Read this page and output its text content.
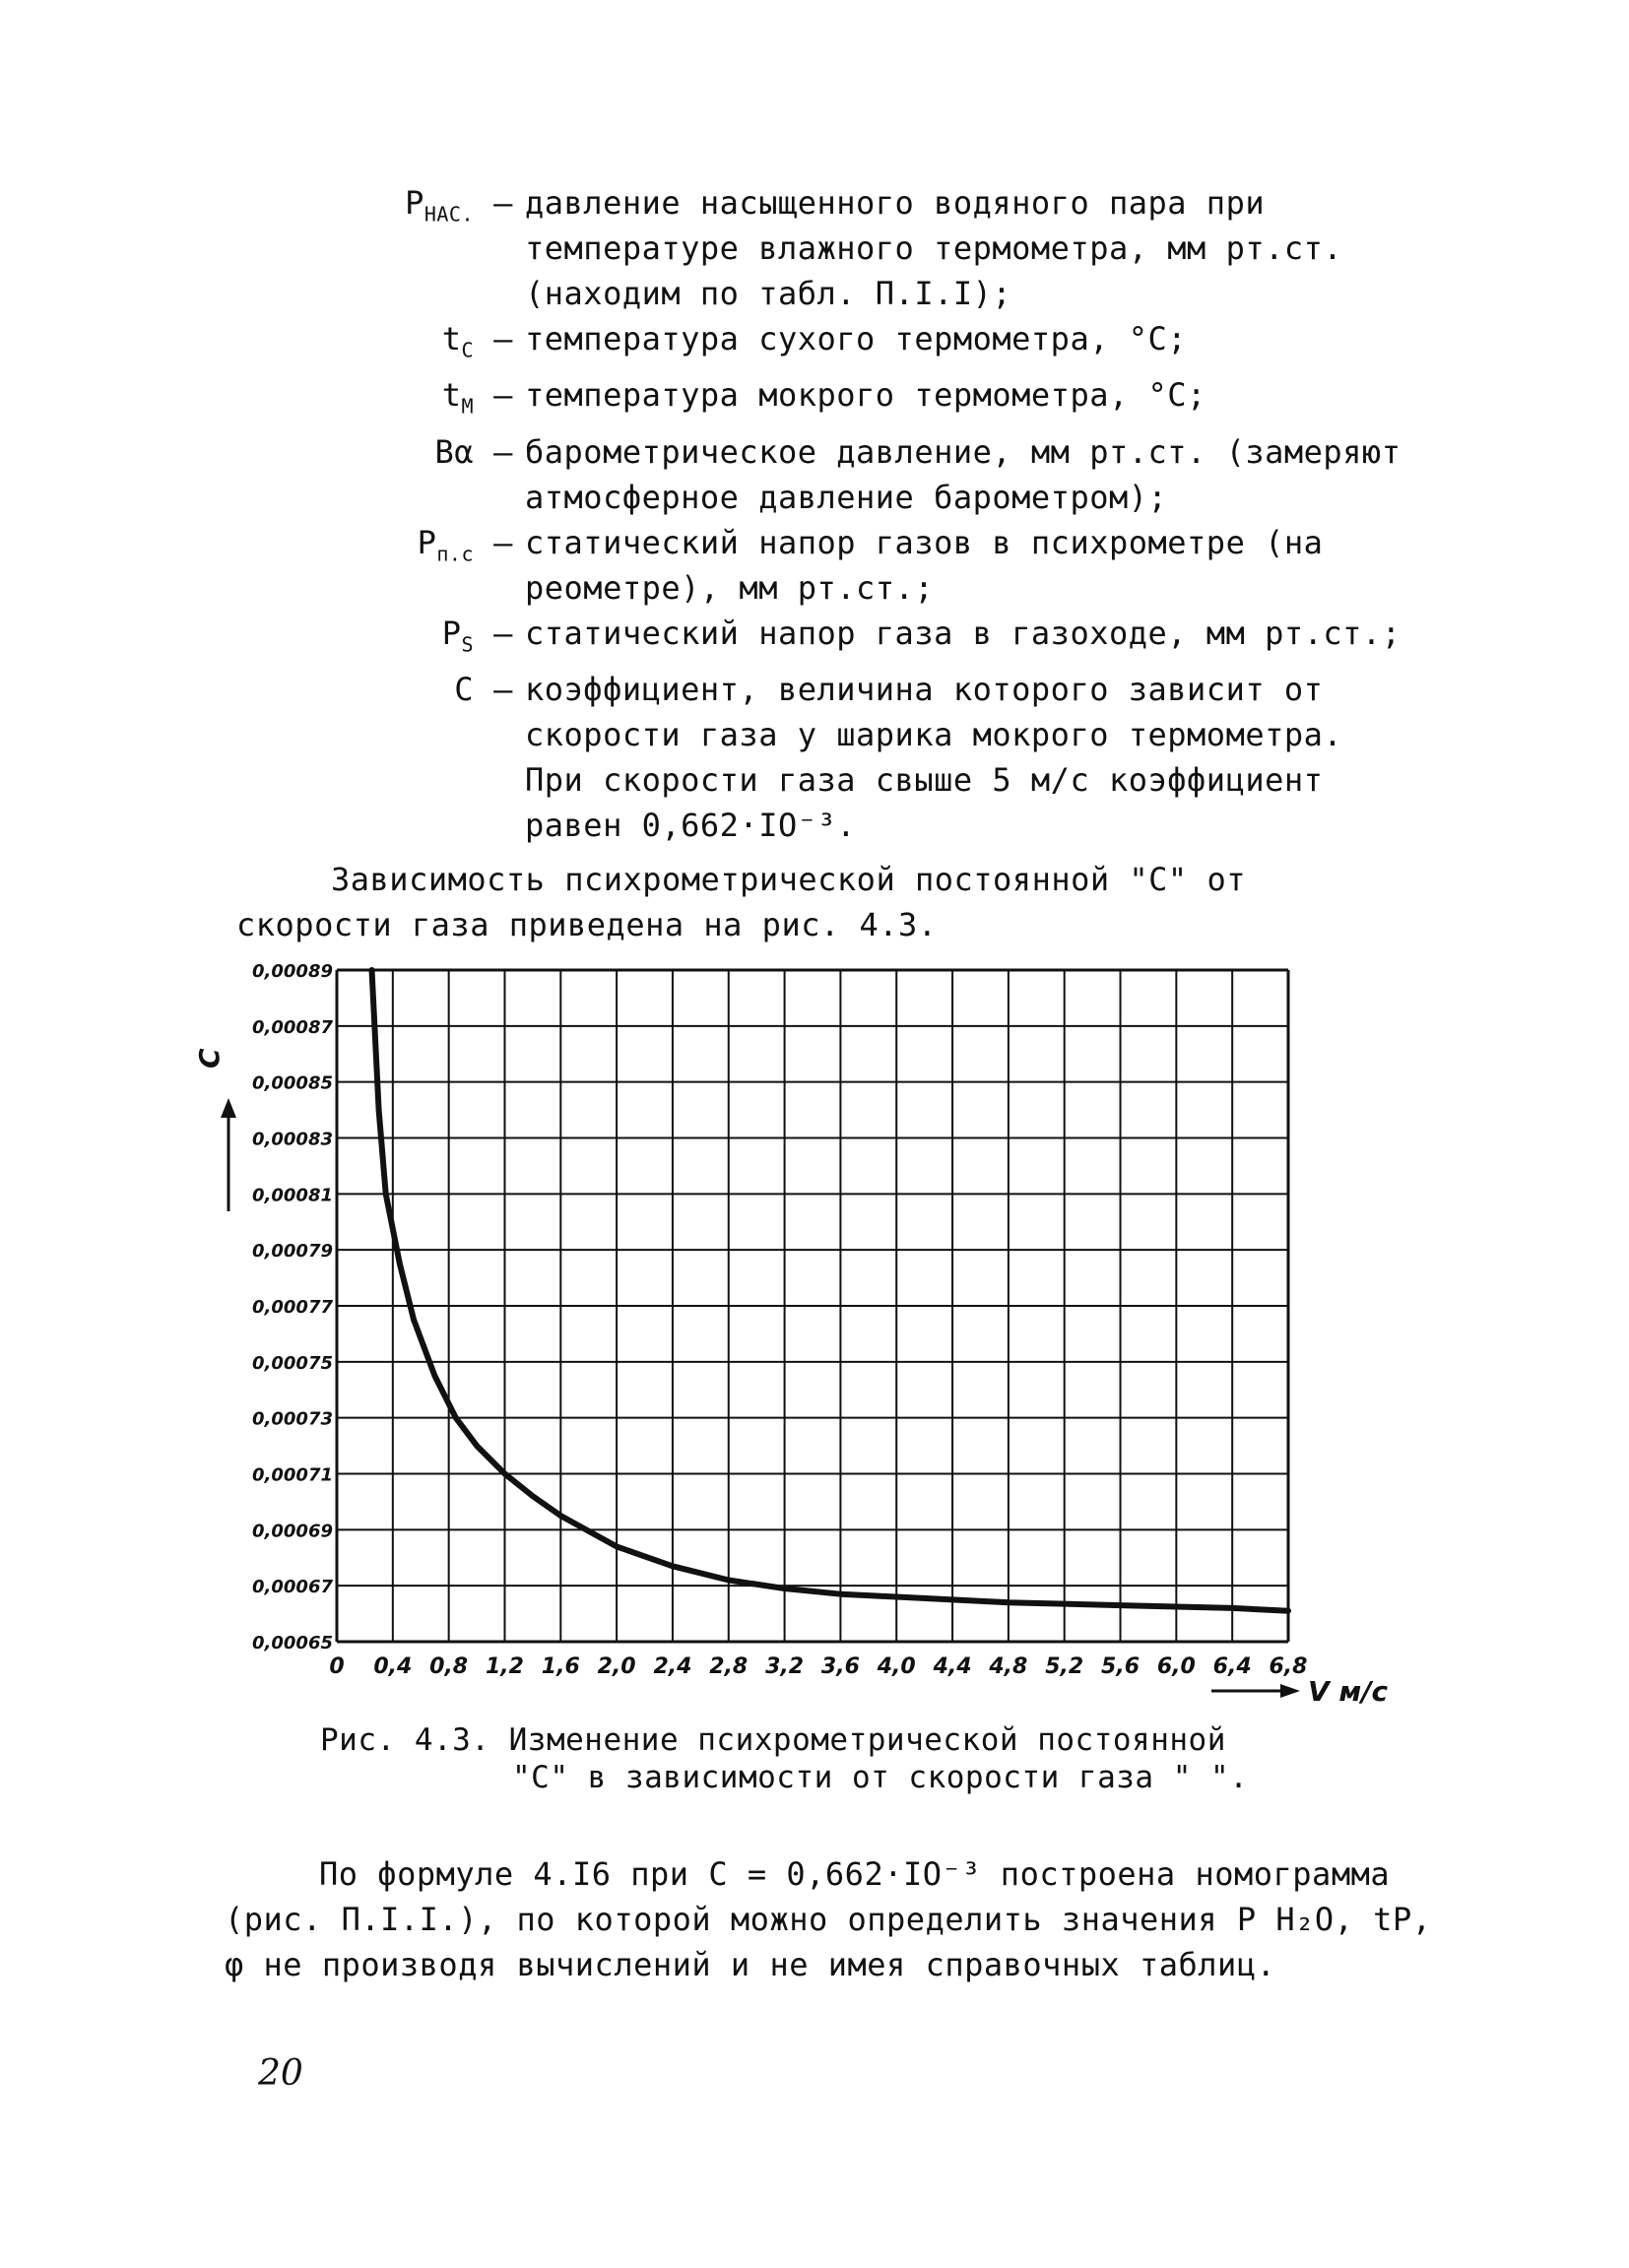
$P_{НАС.}$ – давление насыщенного водяного пара при температуре влажного термометра, мм рт.ст. (находим по табл. П.I.I);
$t_С$ – температура сухого термометра, °С;
$t_М$ – температура мокрого термометра, °С;
Bα – барометрическое давление, мм рт.ст. (замеряют атмосферное давление барометром);
$P_{п.с}$ – статический напор газов в психрометре (на реометре), мм рт.ст.;
$P_S$ – статический напор газа в газоходе, мм рт.ст.;
C – коэффициент, величина которого зависит от скорости газа у шарика мокрого термометра. При скорости газа свыше 5 м/с коэффициент равен 0,662·IO⁻³.
Зависимость психрометрической постоянной "С" от скорости газа приведена на рис. 4.3.
0,00065
0,00067
0,00069
0,00071
0,00073
0,00075
0,00077
0,00079
0,00081
0,00083
0,00085
0,00087
0,00089
0 0,4 0,8 1,2 1,6 2,0 2,4 2,8 3,2 3,6 4,0 4,4 4,8 5,2 5,6 6,0 6,4 6,8
C
V м/с
Рис. 4.3. Изменение психрометрической постоянной
"С" в зависимости от скорости газа " ".
По формуле 4.I6 при С = 0,662·IO⁻³ построена номограмма (рис. П.I.I.), по которой можно определить значения P H₂O, tP, φ не производя вычислений и не имея справочных таблиц.
20
